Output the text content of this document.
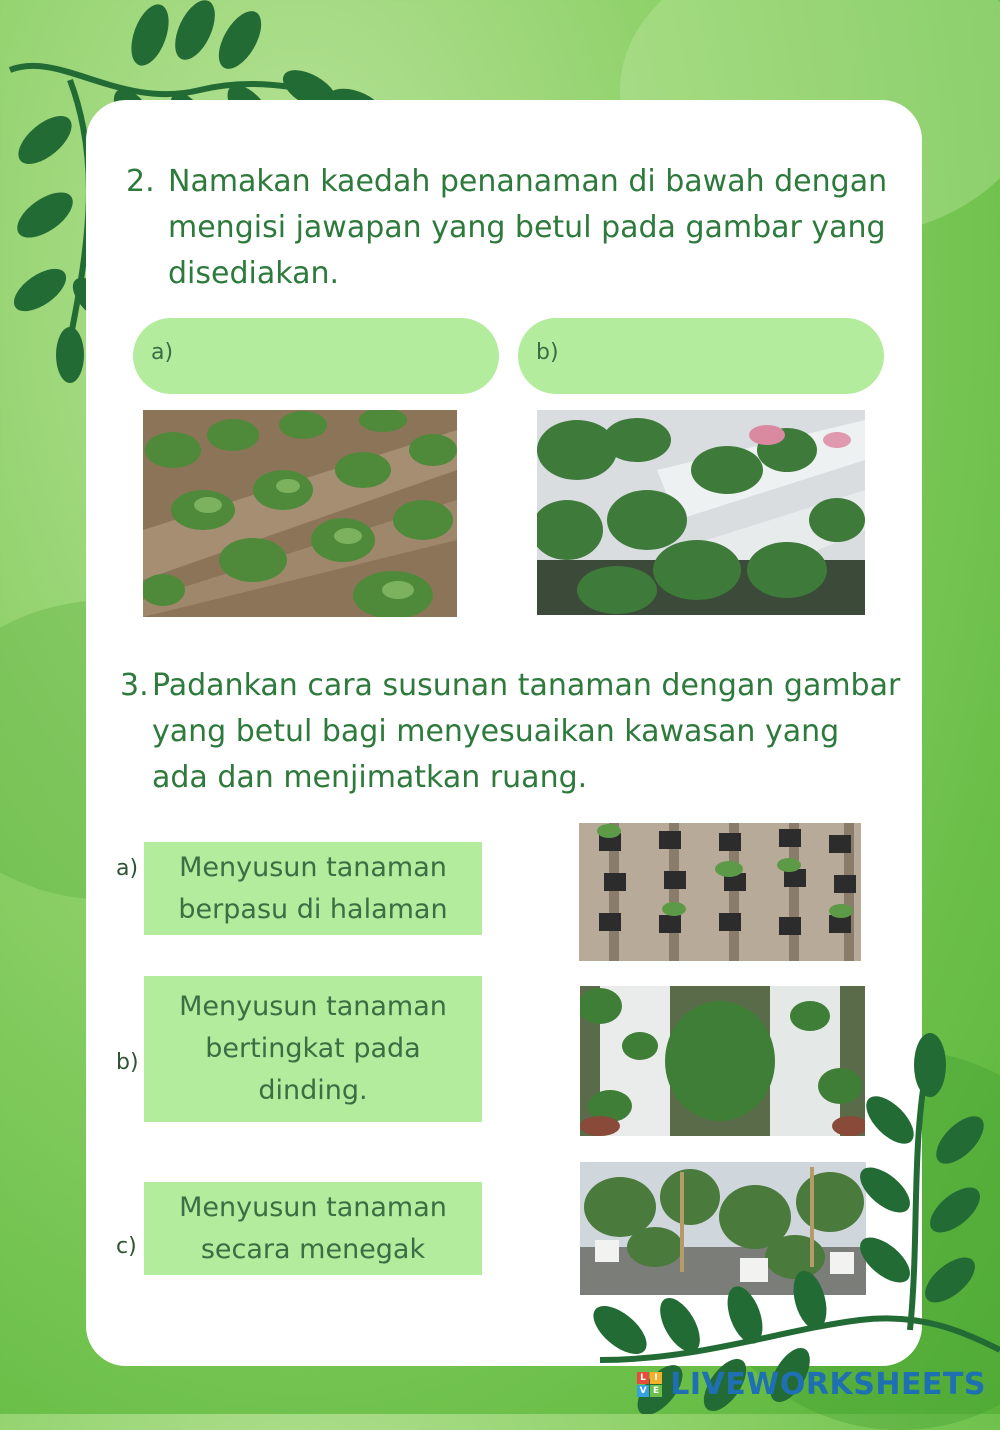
2. Namakan kaedah penanaman di bawah dengan
mengisi jawapan yang betul pada gambar yang
disediakan.
a)	b)
3. Padankan cara susunan tanaman dengan gambar
yang betul bagi menyesuaikan kawasan yang
ada dan menjimatkan ruang.
a) Menyusun tanaman
berpasu di halaman
b)
Menyusun tanaman
bertingkat pada
dinding.
c)
Menyusun tanaman
secara menegak
L I
V E LIVEWORKSHEETS
